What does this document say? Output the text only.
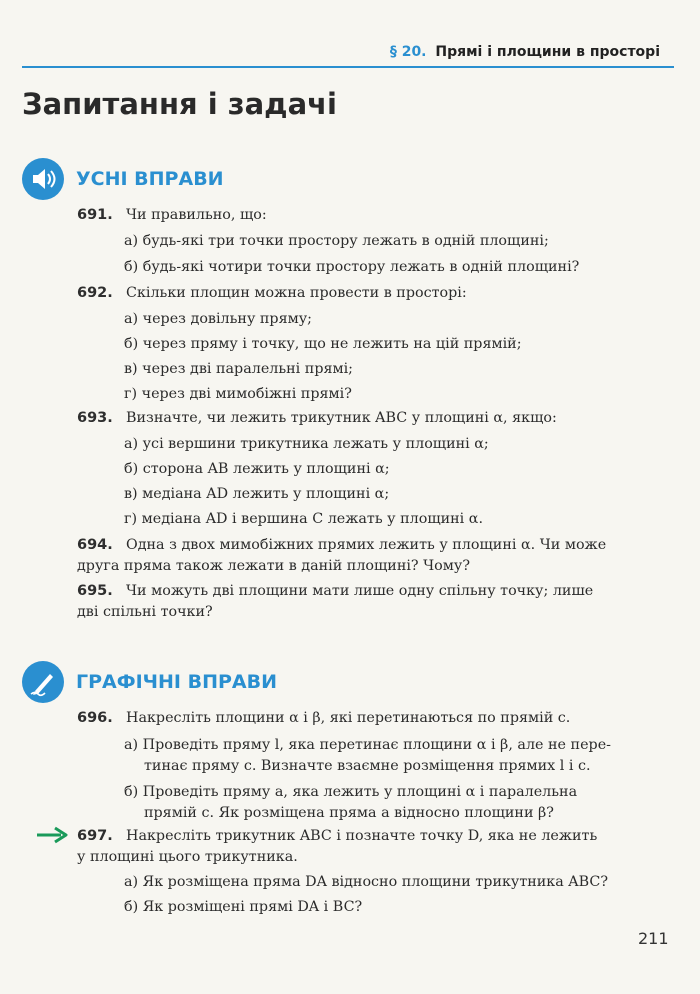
§ 20. Прямі і площини в просторі
Запитання і задачі
УСНІ ВПРАВИ
691. Чи правильно, що:
а) будь-які три точки простору лежать в одній площині;
б) будь-які чотири точки простору лежать в одній площині?
692. Скільки площин можна провести в просторі:
а) через довільну пряму;
б) через пряму і точку, що не лежить на цій прямій;
в) через дві паралельні прямі;
г) через дві мимобіжні прямі?
693. Визначте, чи лежить трикутник ABC у площині α, якщо:
а) усі вершини трикутника лежать у площині α;
б) сторона AB лежить у площині α;
в) медіана AD лежить у площині α;
г) медіана AD і вершина C лежать у площині α.
694. Одна з двох мимобіжних прямих лежить у площині α. Чи може
друга пряма також лежати в даній площині? Чому?
695. Чи можуть дві площини мати лише одну спільну точку; лише
дві спільні точки?
ГРАФІЧНІ ВПРАВИ
696. Накресліть площини α і β, які перетинаються по прямій c.
а) Проведіть пряму l, яка перетинає площини α і β, але не пере-
тинає пряму c. Визначте взаємне розміщення прямих l і c.
б) Проведіть пряму a, яка лежить у площині α і паралельна
прямій c. Як розміщена пряма a відносно площини β?
697. Накресліть трикутник ABC і позначте точку D, яка не лежить
у площині цього трикутника.
а) Як розміщена пряма DA відносно площини трикутника ABC?
б) Як розміщені прямі DA і BC?
211
